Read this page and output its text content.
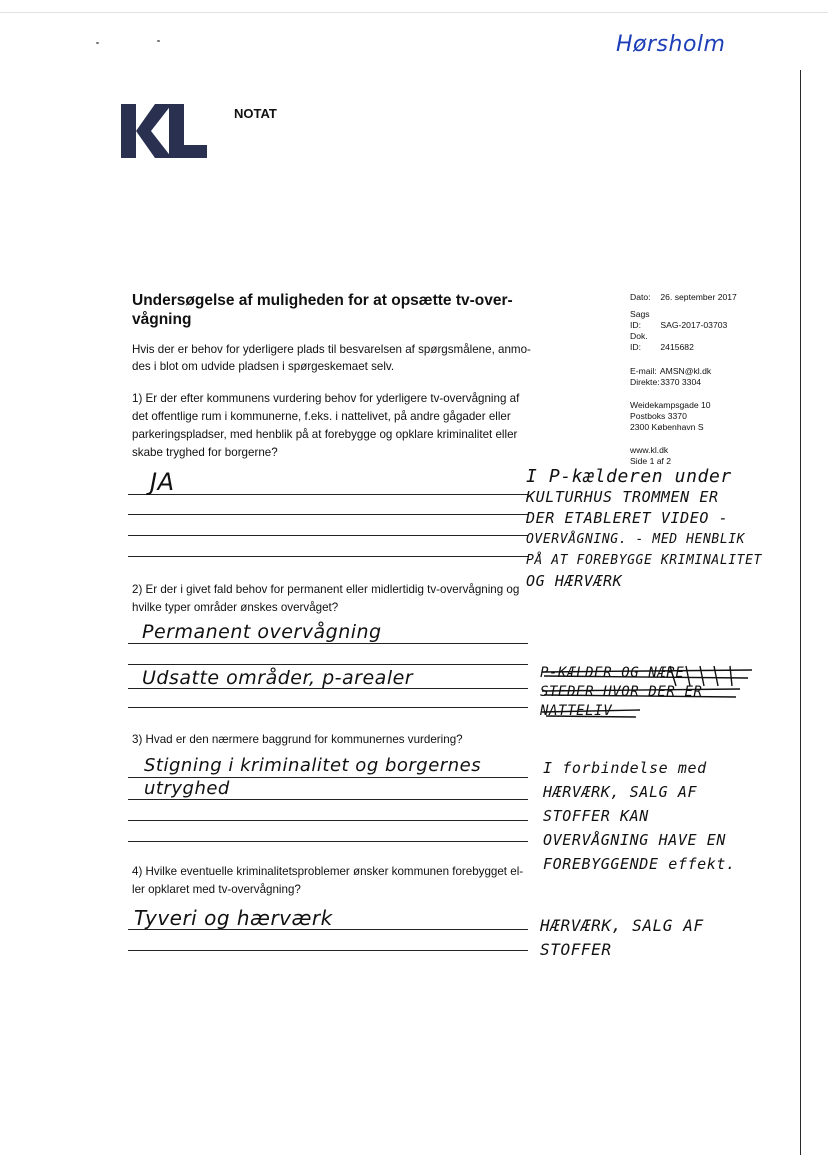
Hørsholm
NOTAT
Undersøgelse af muligheden for at opsætte tv-over-
vågning
Hvis der er behov for yderligere plads til besvarelsen af spørgsmålene, anmo-
des i blot om udvide pladsen i spørgeskemaet selv.
Dato: 26. september 2017
Sags ID: SAG-2017-03703
Dok. ID: 2415682
E-mail: AMSN@kl.dk
Direkte: 3370 3304
Weidekampsgade 10
Postboks 3370
2300 København S
www.kl.dk
Side 1 af 2
1) Er der efter kommunens vurdering behov for yderligere tv-overvågning af
det offentlige rum i kommunerne, f.eks. i nattelivet, på andre gågader eller
parkeringspladser, med henblik på at forebygge og opklare kriminalitet eller
skabe tryghed for borgerne?
JA	I P-kælderen under
KULTURHUS TROMMEN ER
DER ETABLERET VIDEO -
OVERVÅGNING. - MED HENBLIK
PÅ AT FOREBYGGE KRIMINALITET
OG HÆRVÆRK
2) Er der i givet fald behov for permanent eller midlertidig tv-overvågning og
hvilke typer områder ønskes overvåget?
Permanent overvågning
Udsatte områder, p-arealer	P-KÆLDER OG NÆRE
STEDER HVOR DER ER
NATTELIV
3) Hvad er den nærmere baggrund for kommunernes vurdering?
Stigning i kriminalitet og borgernes
utryghed
I forbindelse med
HÆRVÆRK, SALG AF
STOFFER KAN
OVERVÅGNING HAVE EN
FOREBYGGENDE effekt.
4) Hvilke eventuelle kriminalitetsproblemer ønsker kommunen forebygget el-
ler opklaret med tv-overvågning?
Tyveri og hærværk	HÆRVÆRK, SALG AF
STOFFER
